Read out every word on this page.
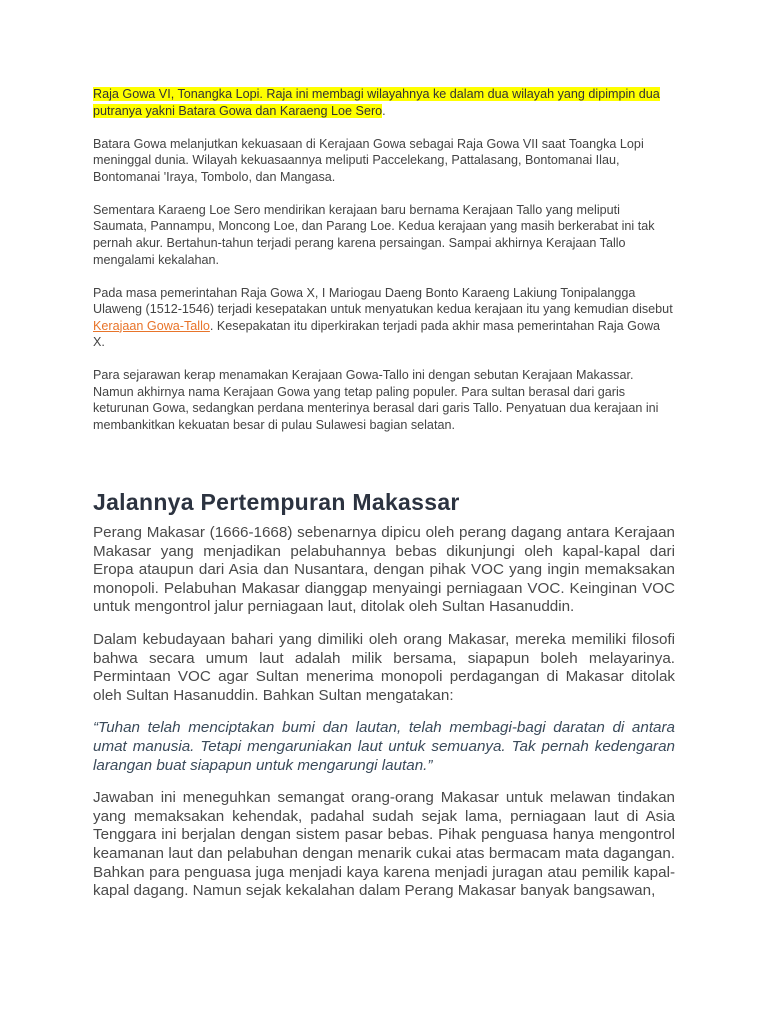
Raja Gowa VI, Tonangka Lopi. Raja ini membagi wilayahnya ke dalam dua wilayah yang dipimpin dua putranya yakni Batara Gowa dan Karaeng Loe Sero.

Batara Gowa melanjutkan kekuasaan di Kerajaan Gowa sebagai Raja Gowa VII saat Toangka Lopi meninggal dunia. Wilayah kekuasaannya meliputi Paccelekang, Pattalasang, Bontomanai Ilau, Bontomanai 'Iraya, Tombolo, dan Mangasa.

Sementara Karaeng Loe Sero mendirikan kerajaan baru bernama Kerajaan Tallo yang meliputi Saumata, Pannampu, Moncong Loe, dan Parang Loe. Kedua kerajaan yang masih berkerabat ini tak pernah akur. Bertahun-tahun terjadi perang karena persaingan. Sampai akhirnya Kerajaan Tallo mengalami kekalahan.

Pada masa pemerintahan Raja Gowa X, I Mariogau Daeng Bonto Karaeng Lakiung Tonipalangga Ulaweng (1512-1546) terjadi kesepatakan untuk menyatukan kedua kerajaan itu yang kemudian disebut Kerajaan Gowa-Tallo. Kesepakatan itu diperkirakan terjadi pada akhir masa pemerintahan Raja Gowa X.

Para sejarawan kerap menamakan Kerajaan Gowa-Tallo ini dengan sebutan Kerajaan Makassar. Namun akhirnya nama Kerajaan Gowa yang tetap paling populer. Para sultan berasal dari garis keturunan Gowa, sedangkan perdana menterinya berasal dari garis Tallo. Penyatuan dua kerajaan ini membankitkan kekuatan besar di pulau Sulawesi bagian selatan.

Jalannya Pertempuran Makassar

Perang Makasar (1666-1668) sebenarnya dipicu oleh perang dagang antara Kerajaan Makasar yang menjadikan pelabuhannya bebas dikunjungi oleh kapal-kapal dari Eropa ataupun dari Asia dan Nusantara, dengan pihak VOC yang ingin memaksakan monopoli. Pelabuhan Makasar dianggap menyaingi perniagaan VOC. Keinginan VOC untuk mengontrol jalur perniagaan laut, ditolak oleh Sultan Hasanuddin.

Dalam kebudayaan bahari yang dimiliki oleh orang Makasar, mereka memiliki filosofi bahwa secara umum laut adalah milik bersama, siapapun boleh melayarinya. Permintaan VOC agar Sultan menerima monopoli perdagangan di Makasar ditolak oleh Sultan Hasanuddin. Bahkan Sultan mengatakan:

“Tuhan telah menciptakan bumi dan lautan, telah membagi-bagi daratan di antara umat manusia. Tetapi mengaruniakan laut untuk semuanya. Tak pernah kedengaran larangan buat siapapun untuk mengarungi lautan.”

Jawaban ini meneguhkan semangat orang-orang Makasar untuk melawan tindakan yang memaksakan kehendak, padahal sudah sejak lama, perniagaan laut di Asia Tenggara ini berjalan dengan sistem pasar bebas. Pihak penguasa hanya mengontrol keamanan laut dan pelabuhan dengan menarik cukai atas bermacam mata dagangan. Bahkan para penguasa juga menjadi kaya karena menjadi juragan atau pemilik kapal-kapal dagang. Namun sejak kekalahan dalam Perang Makasar banyak bangsawan,
